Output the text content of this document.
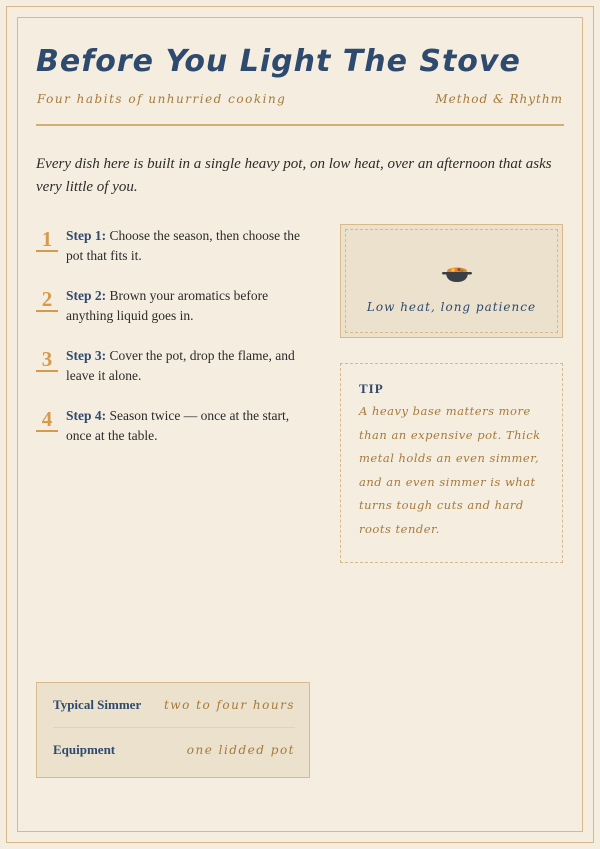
Before You Light The Stove
Four habits of unhurried cooking	Method & Rhythm

Every dish here is built in a single heavy pot, on low heat, over an afternoon that asks very little of you.

1	Step 1: Choose the season, then choose the pot that fits it.
2	Step 2: Brown your aromatics before anything liquid goes in.
3	Step 3: Cover the pot, drop the flame, and leave it alone.
4	Step 4: Season twice — once at the start, once at the table.
Low heat, long patience
TIP
A heavy base matters more than an expensive pot. Thick metal holds an even simmer, and an even simmer is what turns tough cuts and hard roots tender.
Typical Simmer two to four hours
Equipment	one lidded pot
